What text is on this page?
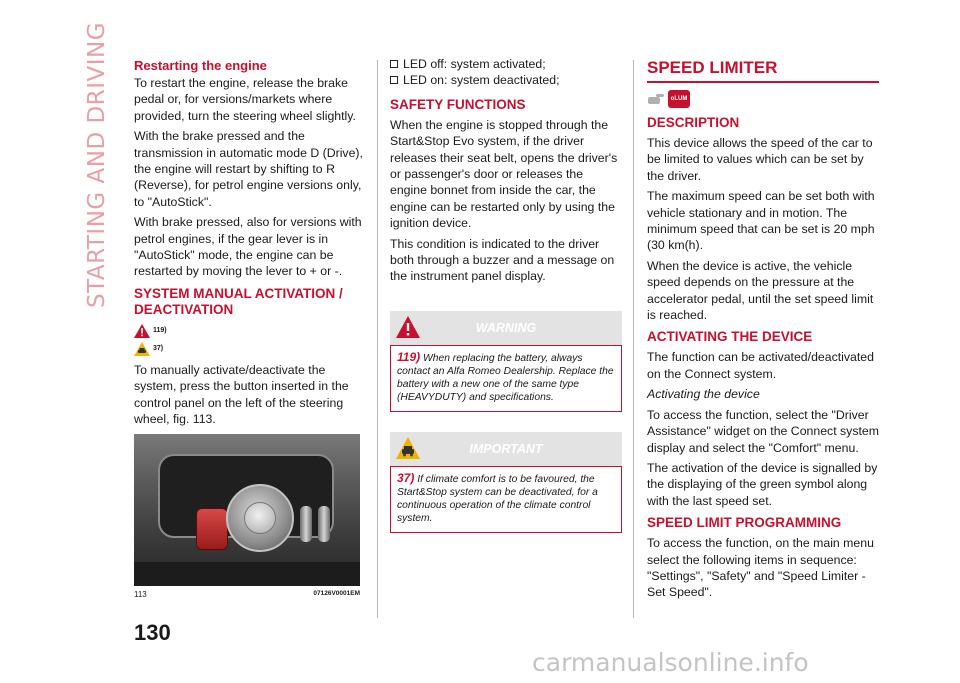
STARTING AND DRIVING Restarting the engine

To restart the engine, release the brake pedal or, for versions/markets where provided, turn the steering wheel slightly.

With the brake pressed and the transmission in automatic mode D (Drive), the engine will restart by shifting to R (Reverse), for petrol engine versions only, to "AutoStick".

With brake pressed, also for versions with petrol engines, if the gear lever is in "AutoStick" mode, the engine can be restarted by moving the lever to + or -.

SYSTEM MANUAL ACTIVATION / DEACTIVATION
119)
37)

To manually activate/deactivate the system, press the button inserted in the control panel on the left of the steering wheel, fig. 113.

113	07126V0001EM
LED off: system activated;
LED on: system deactivated;
SAFETY FUNCTIONS

When the engine is stopped through the Start&Stop Evo system, if the driver releases their seat belt, opens the driver's or passenger's door or releases the engine bonnet from inside the car, the engine can be restarted only by using the ignition device.

This condition is indicated to the driver both through a buzzer and a message on the instrument panel display.

WARNING
119) When replacing the battery, always contact an Alfa Romeo Dealership. Replace the battery with a new one of the same type (HEAVYDUTY) and specifications.
IMPORTANT
37) If climate comfort is to be favoured, the Start&Stop system can be deactivated, for a continuous operation of the climate control system.
SPEED LIMITER
oLUM
DESCRIPTION

This device allows the speed of the car to be limited to values which can be set by the driver.

The maximum speed can be set both with vehicle stationary and in motion. The minimum speed that can be set is 20 mph (30 km(h).

When the device is active, the vehicle speed depends on the pressure at the accelerator pedal, until the set speed limit is reached.

ACTIVATING THE DEVICE

The function can be activated/deactivated on the Connect system.

Activating the device

To access the function, select the "Driver Assistance" widget on the Connect system display and select the "Comfort" menu.

The activation of the device is signalled by the displaying of the green symbol along with the last speed set.

SPEED LIMIT PROGRAMMING

To access the function, on the main menu select the following items in sequence: "Settings", "Safety" and "Speed Limiter - Set Speed".

130
carmanualsonline.info
